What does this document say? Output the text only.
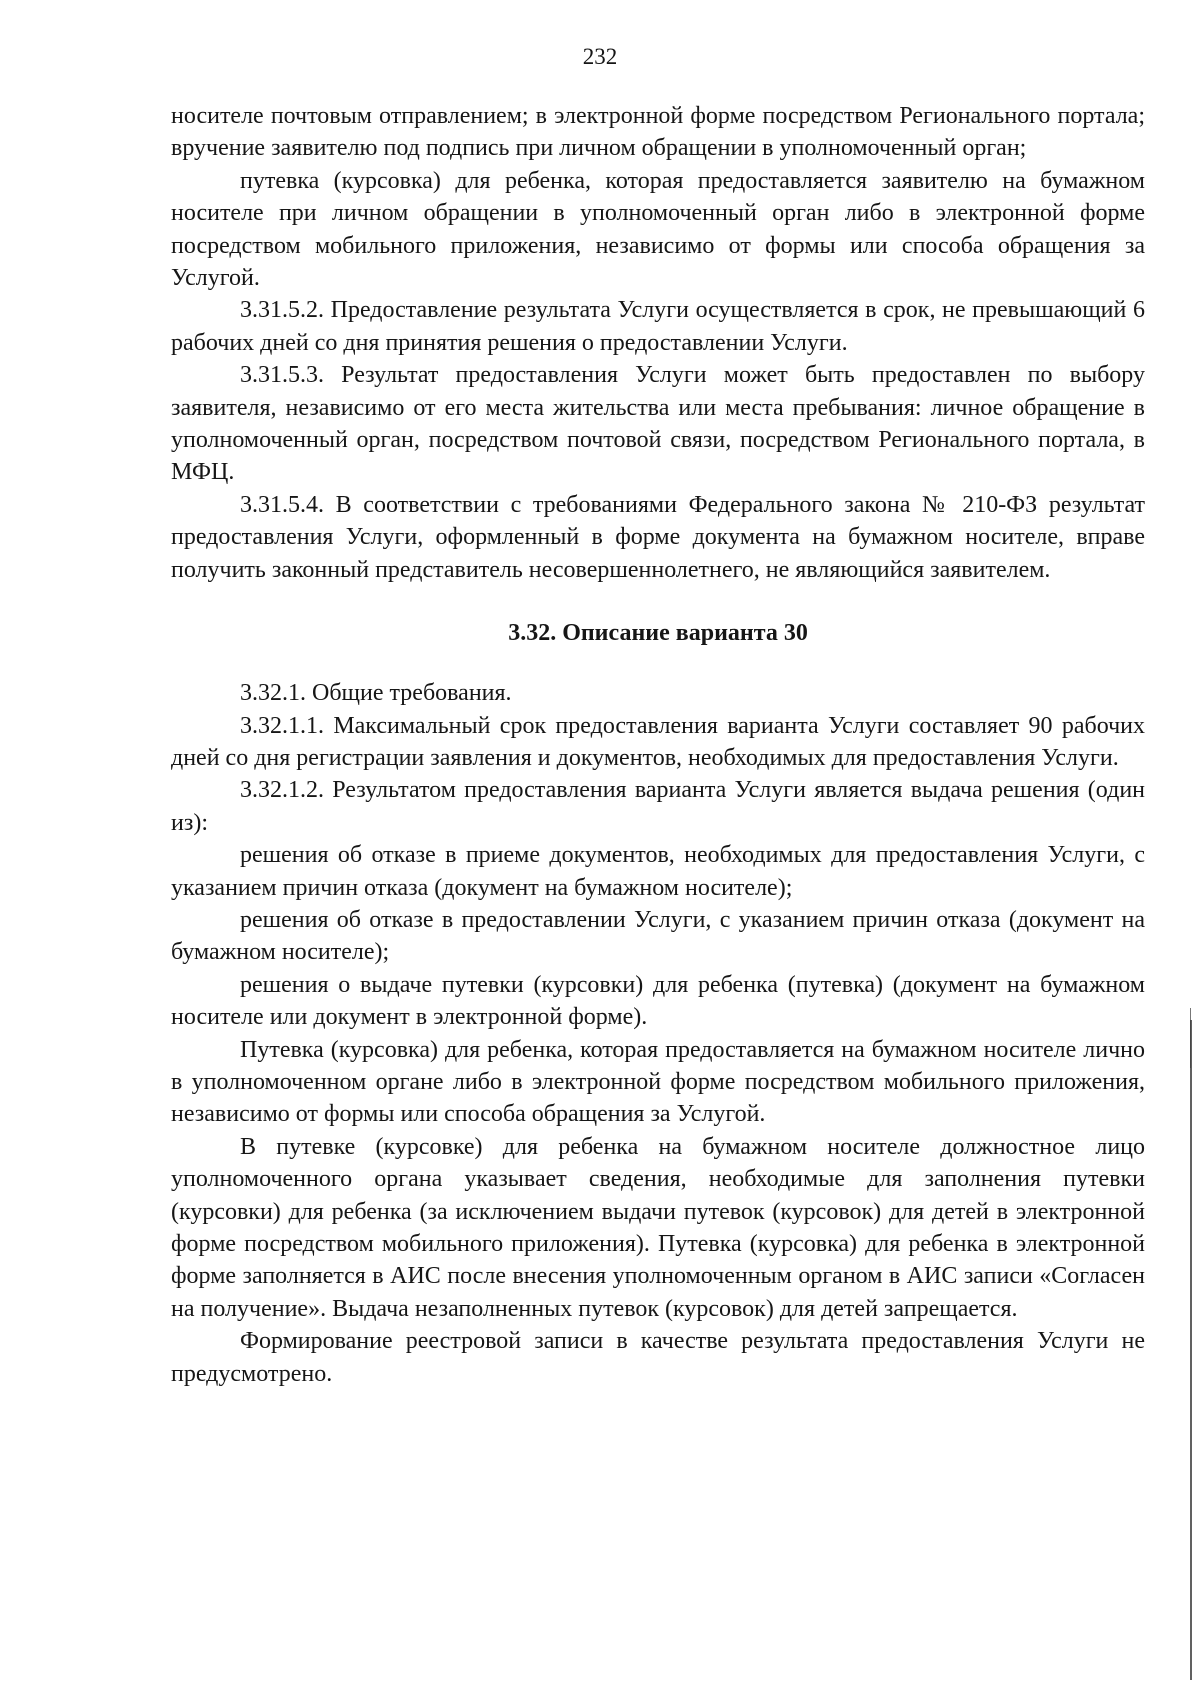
232

носителе почтовым отправлением; в электронной форме посредством Регионального портала; вручение заявителю под подпись при личном обращении в уполномоченный орган;

путевка (курсовка) для ребенка, которая предоставляется заявителю на бумажном носителе при личном обращении в уполномоченный орган либо в электронной форме посредством мобильного приложения, независимо от формы или способа обращения за Услугой.

3.31.5.2. Предоставление результата Услуги осуществляется в срок, не превышающий 6 рабочих дней со дня принятия решения о предоставлении Услуги.

3.31.5.3. Результат предоставления Услуги может быть предоставлен по выбору заявителя, независимо от его места жительства или места пребывания: личное обращение в уполномоченный орган, посредством почтовой связи, посредством Регионального портала, в МФЦ.

3.31.5.4. В соответствии с требованиями Федерального закона № 210-ФЗ результат предоставления Услуги, оформленный в форме документа на бумажном носителе, вправе получить законный представитель несовершеннолетнего, не являющийся заявителем.

3.32. Описание варианта 30

3.32.1. Общие требования.

3.32.1.1. Максимальный срок предоставления варианта Услуги составляет 90 рабочих дней со дня регистрации заявления и документов, необходимых для предоставления Услуги.

3.32.1.2. Результатом предоставления варианта Услуги является выдача решения (один из):

решения об отказе в приеме документов, необходимых для предоставления Услуги, с указанием причин отказа (документ на бумажном носителе);

решения об отказе в предоставлении Услуги, с указанием причин отказа (документ на бумажном носителе);

решения о выдаче путевки (курсовки) для ребенка (путевка) (документ на бумажном носителе или документ в электронной форме).

Путевка (курсовка) для ребенка, которая предоставляется на бумажном носителе лично в уполномоченном органе либо в электронной форме посредством мобильного приложения, независимо от формы или способа обращения за Услугой.

В путевке (курсовке) для ребенка на бумажном носителе должностное лицо уполномоченного органа указывает сведения, необходимые для заполнения путевки (курсовки) для ребенка (за исключением выдачи путевок (курсовок) для детей в электронной форме посредством мобильного приложения). Путевка (курсовка) для ребенка в электронной форме заполняется в АИС после внесения уполномоченным органом в АИС записи «Согласен на получение». Выдача незаполненных путевок (курсовок) для детей запрещается.

Формирование реестровой записи в качестве результата предоставления Услуги не предусмотрено.
